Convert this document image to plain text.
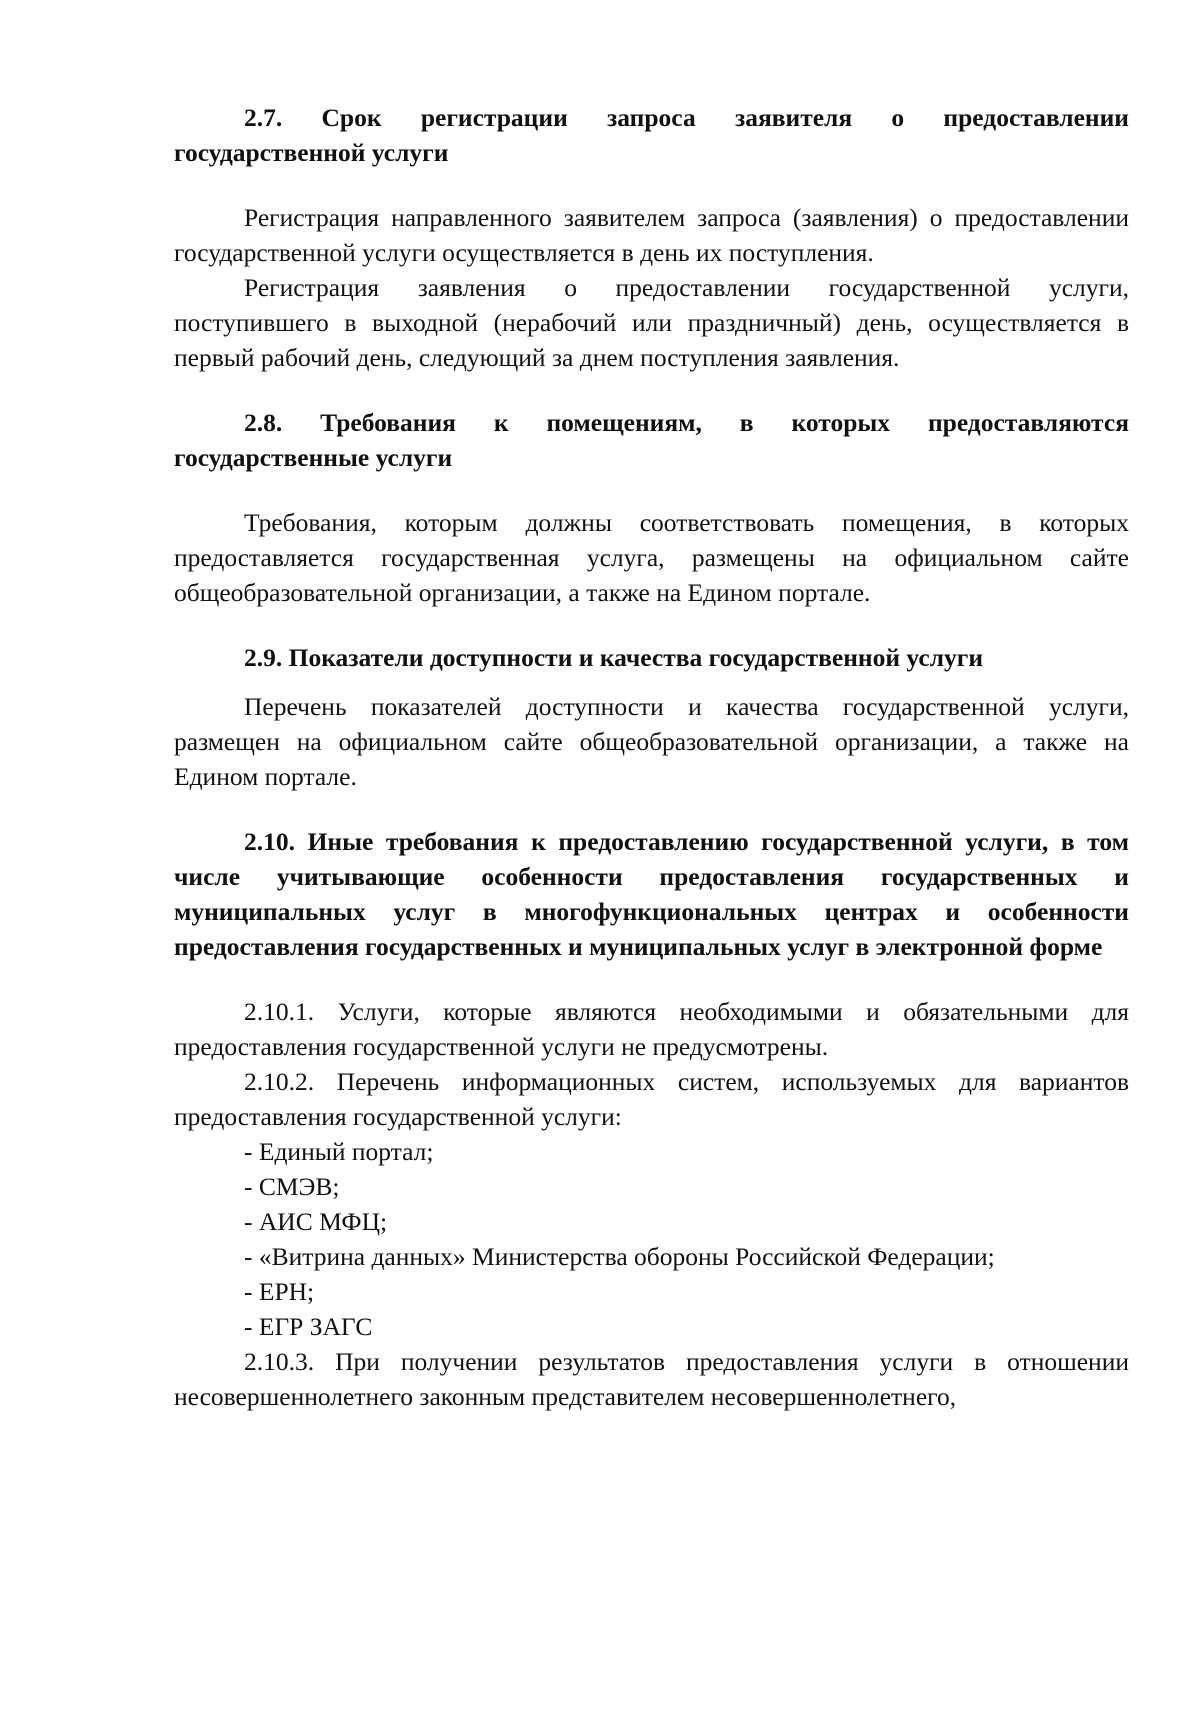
2.7. Срок регистрации запроса заявителя о предоставлении государственной услуги

Регистрация направленного заявителем запроса (заявления) о предоставлении государственной услуги осуществляется в день их поступления.

Регистрация заявления о предоставлении государственной услуги, поступившего в выходной (нерабочий или праздничный) день, осуществляется в первый рабочий день, следующий за днем поступления заявления.

2.8. Требования к помещениям, в которых предоставляются государственные услуги

Требования, которым должны соответствовать помещения, в которых предоставляется государственная услуга, размещены на официальном сайте общеобразовательной организации, а также на Едином портале.

2.9. Показатели доступности и качества государственной услуги

Перечень показателей доступности и качества государственной услуги, размещен на официальном сайте общеобразовательной организации, а также на Едином портале.

2.10. Иные требования к предоставлению государственной услуги, в том числе учитывающие особенности предоставления государственных и муниципальных услуг в многофункциональных центрах и особенности предоставления государственных и муниципальных услуг в электронной форме

2.10.1. Услуги, которые являются необходимыми и обязательными для предоставления государственной услуги не предусмотрены.

2.10.2. Перечень информационных систем, используемых для вариантов предоставления государственной услуги:

- Единый портал;
- СМЭВ;
- АИС МФЦ;
- «Витрина данных» Министерства обороны Российской Федерации;
- ЕРН;
- ЕГР ЗАГС

2.10.3. При получении результатов предоставления услуги в отношении несовершеннолетнего законным представителем несовершеннолетнего,
